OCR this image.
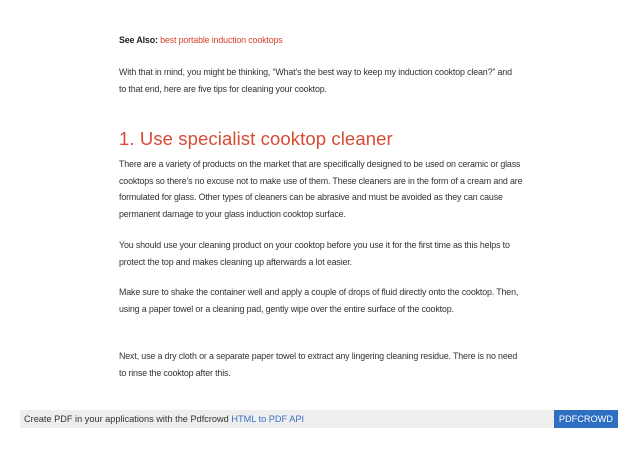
See Also: best portable induction cooktops
With that in mind, you might be thinking, “What’s the best way to keep my induction cooktop clean?” and to that end, here are five tips for cleaning your cooktop.
1. Use specialist cooktop cleaner
There are a variety of products on the market that are specifically designed to be used on ceramic or glass cooktops so there’s no excuse not to make use of them. These cleaners are in the form of a cream and are formulated for glass. Other types of cleaners can be abrasive and must be avoided as they can cause permanent damage to your glass induction cooktop surface.
You should use your cleaning product on your cooktop before you use it for the first time as this helps to protect the top and makes cleaning up afterwards a lot easier.
Make sure to shake the container well and apply a couple of drops of fluid directly onto the cooktop. Then, using a paper towel or a cleaning pad, gently wipe over the entire surface of the cooktop.
Next, use a dry cloth or a separate paper towel to extract any lingering cleaning residue. There is no need to rinse the cooktop after this.
Create PDF in your applications with the Pdfcrowd HTML to PDF API	PDFCROWD
